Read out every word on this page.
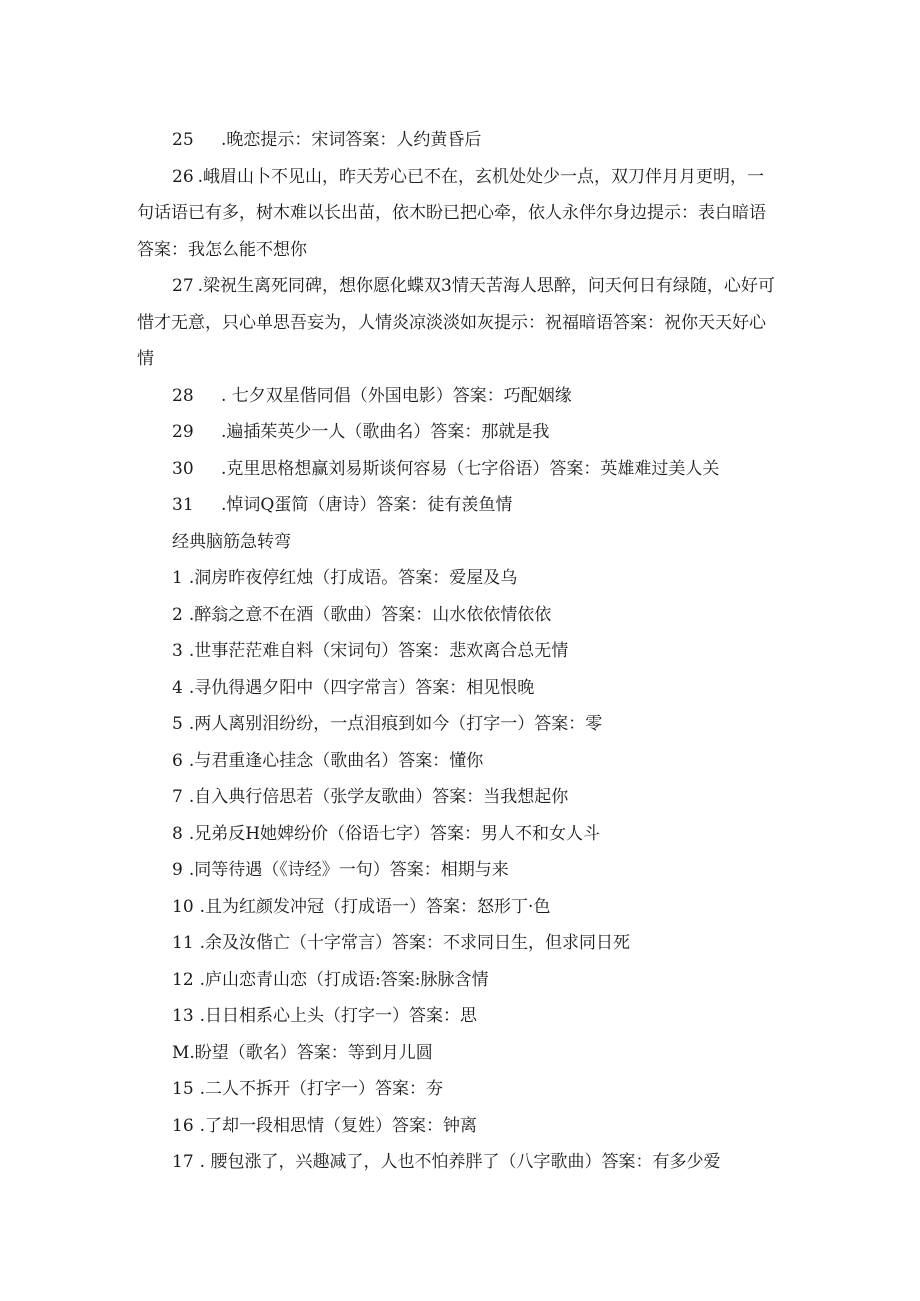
25	.晚恋提示：宋词答案：人约黄昏后

26 .峨眉山卜不见山，昨天芳心已不在，玄机处处少一点，双刀伴月月更明，一句话语已有多，树木难以长出苗，依木盼已把心牵，依人永伴尔身边提示：表白暗语答案：我怎么能不想你

27 .梁祝生离死同碑，想你愿化蝶双3情天苦海人思醉，问天何日有绿随，心好可惜才无意，只心单思吾妄为，人情炎凉淡淡如灰提示：祝福暗语答案：祝你天天好心情

28	. 七夕双星偕同倡（外国电影）答案：巧配姻缘

29	.遍插茱英少一人（歌曲名）答案：那就是我

30	.克里思格想赢刘易斯谈何容易（七字俗语）答案：英雄难过美人关

31	.悼词Q蛋简（唐诗）答案：徒有羡鱼情

经典脑筋急转弯

1 .洞房昨夜停红烛（打成语。答案：爱屋及乌

2 .醉翁之意不在酒（歌曲）答案：山水依依情依依

3 .世事茫茫难自料（宋词句）答案：悲欢离合总无情

4 .寻仇得遇夕阳中（四字常言）答案：相见恨晚

5 .两人离别泪纷纷，一点泪痕到如今（打字一）答案：零

6 .与君重逢心挂念（歌曲名）答案：懂你

7 .自入典行倍思若（张学友歌曲）答案：当我想起你

8 .兄弟反H她婢纷价（俗语七字）答案：男人不和女人斗

9 .同等待遇（《诗经》一句）答案：相期与来

10 .且为红颜发冲冠（打成语一）答案：怒形丁·色

11 .余及汝偕亡（十字常言）答案：不求同日生，但求同日死

12 .庐山恋青山恋（打成语:答案:脉脉含情

13 .日日相系心上头（打字一）答案：思

M.盼望（歌名）答案：等到月儿圆

15 .二人不拆开（打字一）答案：夯

16 .了却一段相思情（复姓）答案：钟离

17 . 腰包涨了，兴趣减了，人也不怕养胖了（八字歌曲）答案：有多少爱
